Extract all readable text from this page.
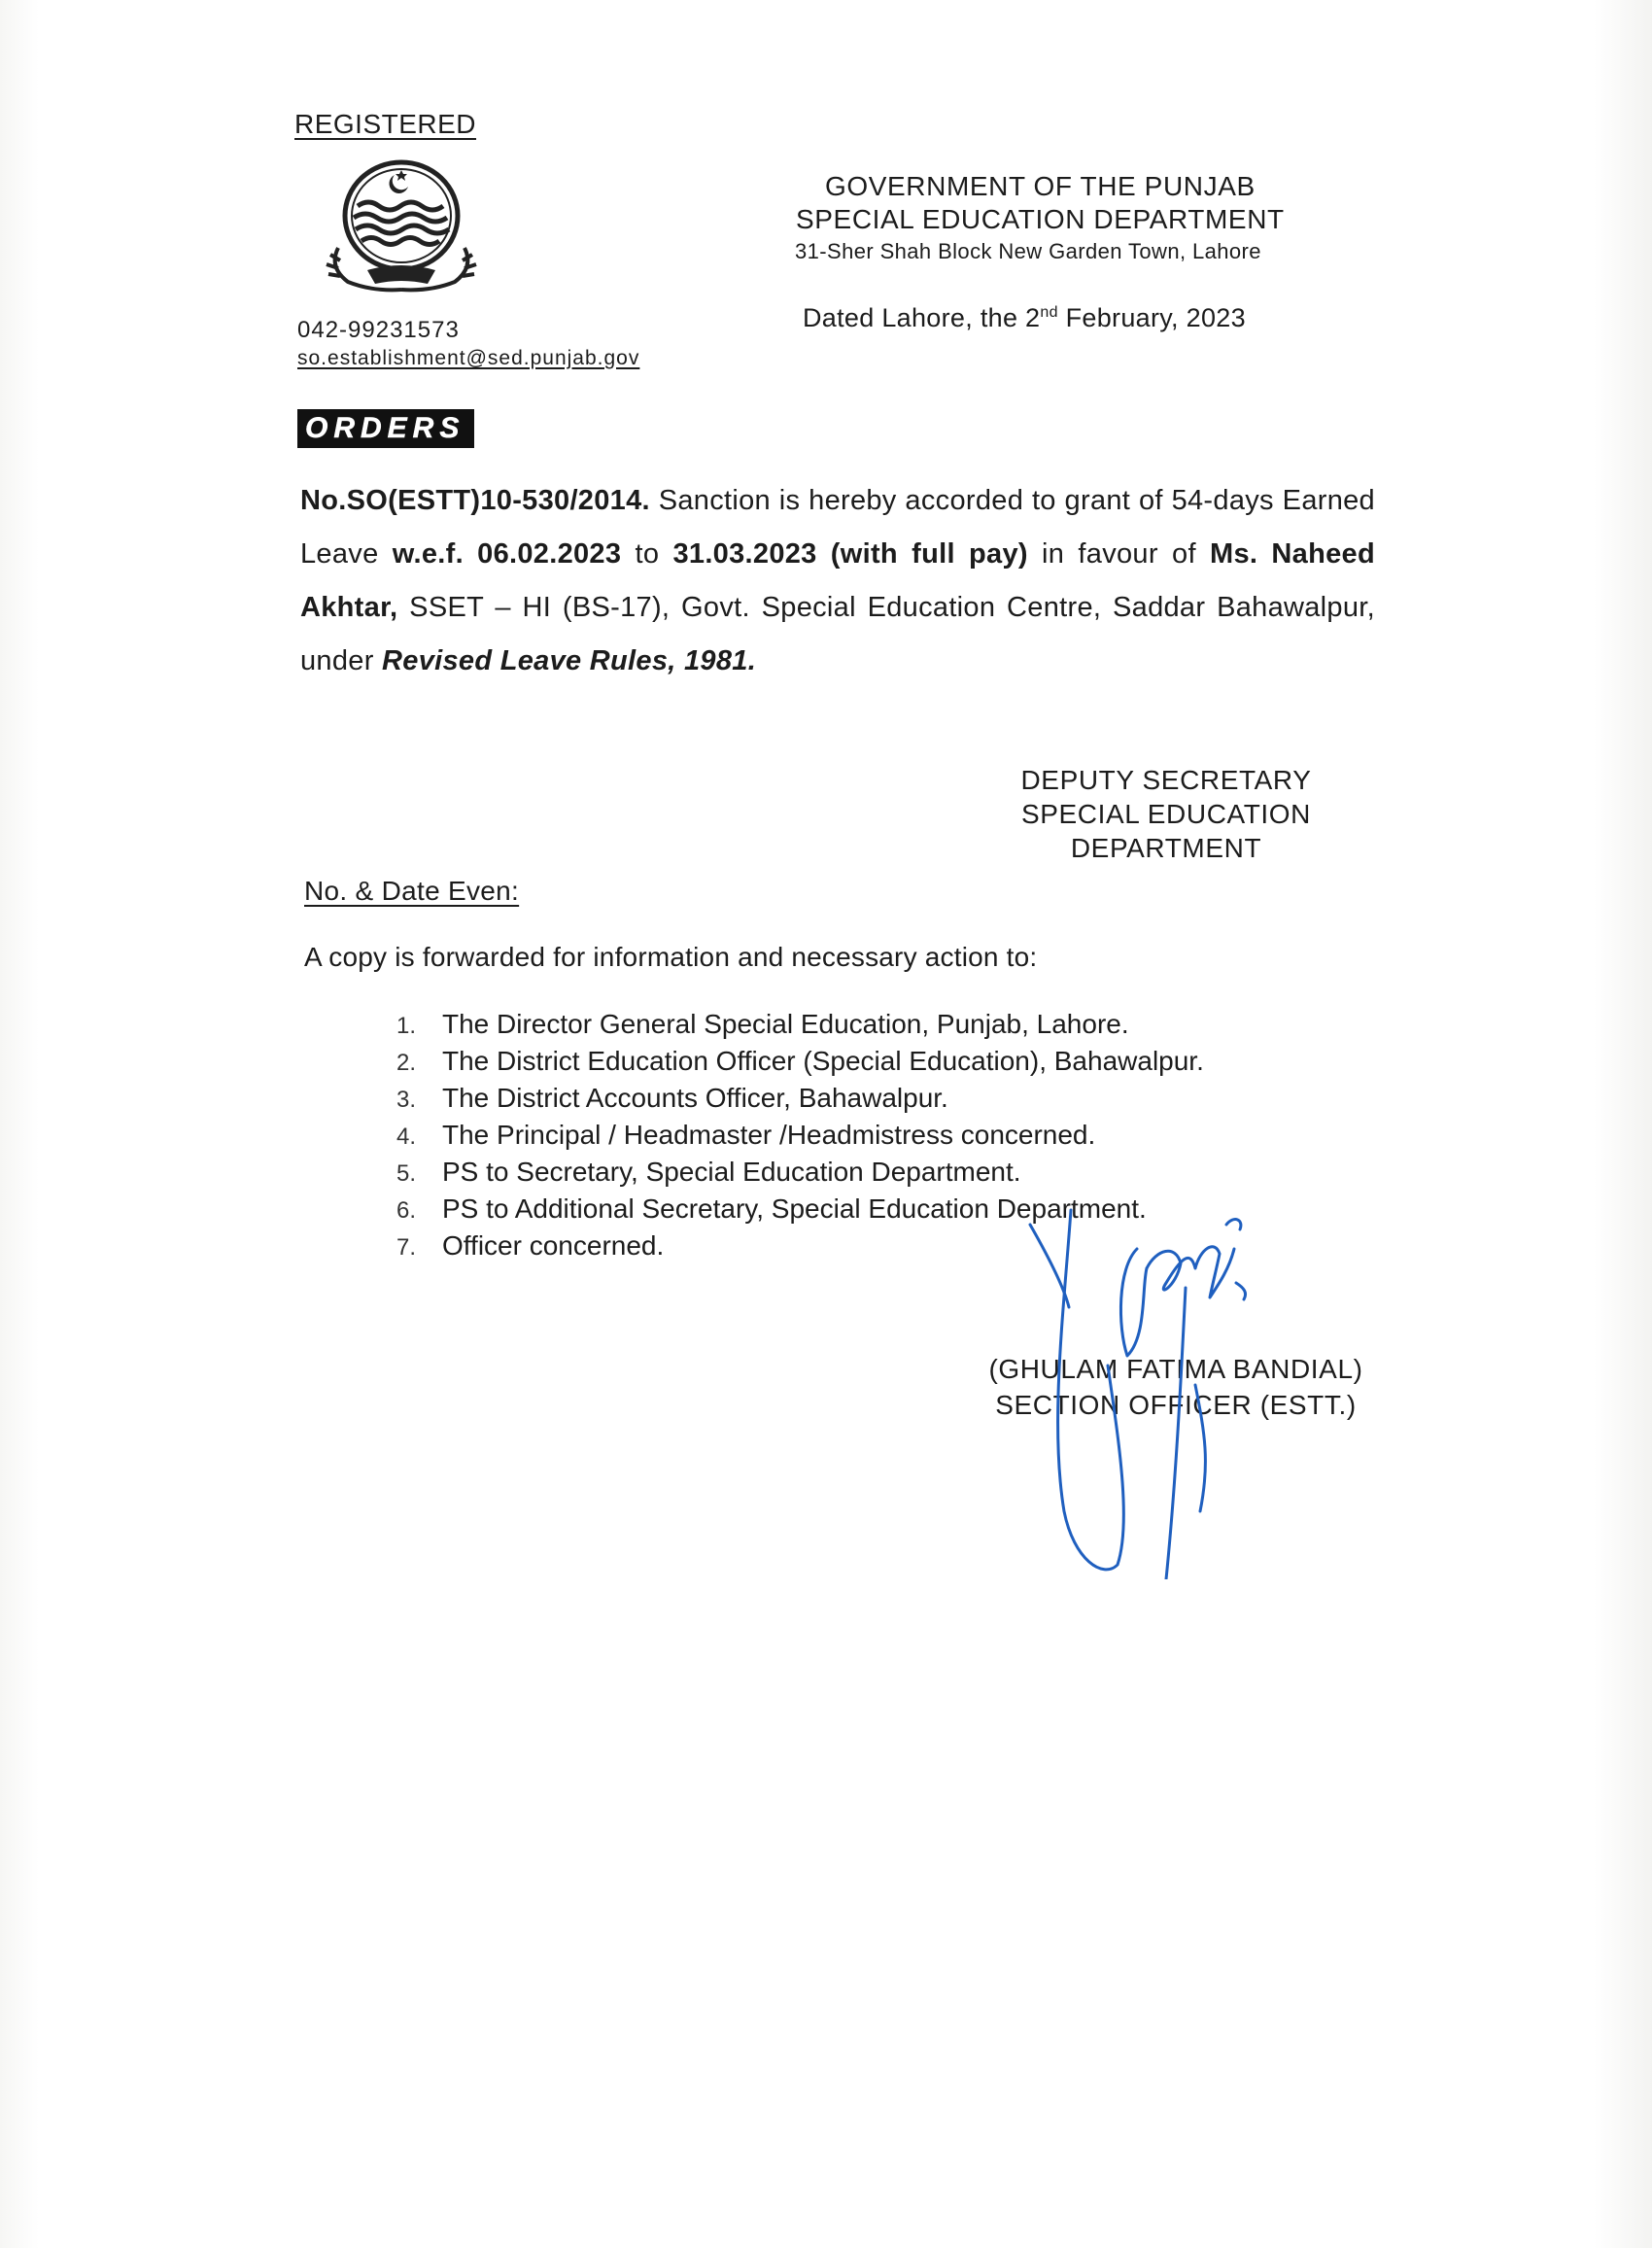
REGISTERED
042-99231573
so.establishment@sed.punjab.gov
GOVERNMENT OF THE PUNJAB
SPECIAL EDUCATION DEPARTMENT
31-Sher Shah Block New Garden Town, Lahore
Dated Lahore, the 2nd February, 2023
ORDERS
No.SO(ESTT)10-530/2014. Sanction is hereby accorded to grant of 54-days Earned Leave w.e.f. 06.02.2023 to 31.03.2023 (with full pay) in favour of Ms. Naheed Akhtar, SSET – HI (BS-17), Govt. Special Education Centre, Saddar Bahawalpur, under Revised Leave Rules, 1981.
DEPUTY SECRETARY
SPECIAL EDUCATION
DEPARTMENT
No. & Date Even:
A copy is forwarded for information and necessary action to:
1. The Director General Special Education, Punjab, Lahore.
2. The District Education Officer (Special Education), Bahawalpur.
3. The District Accounts Officer, Bahawalpur.
4. The Principal / Headmaster /Headmistress concerned.
5. PS to Secretary, Special Education Department.
6. PS to Additional Secretary, Special Education Department.
7. Officer concerned.
(GHULAM FATIMA BANDIAL)
SECTION OFFICER (ESTT.)
